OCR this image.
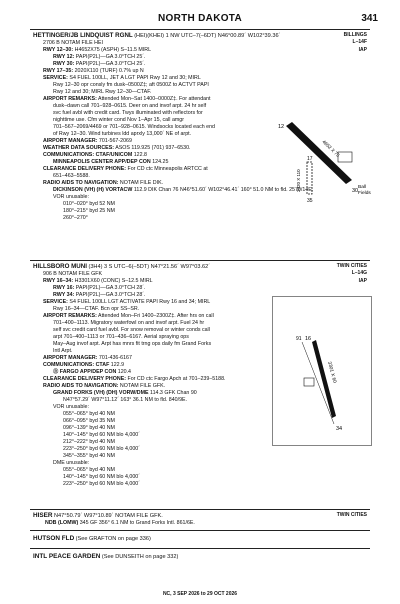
NORTH DAKOTA	341
HETTINGER/JB LINDQUIST RGNL (HEI)(KHEI) 1 NW UTC–7(–6DT) N46°00.89´ W102°39.36´	BILLINGS
L–14F
IAP
2706 B NOTAM FILE HEI
RWY 12–30: H4652X75 (ASPH) S–11.5 MIRL
RWY 12: PAPI(P2L)—GA 3.0°TCH 25´.
RWY 30: PAPI(P2L)—GA 3.0°TCH 25´.
RWY 17–35: 2020X110 (TURF) 0.7% up N
SERVICE: S4 FUEL 100LL, JET A LGT PAPI Rwy 12 and 30; MIRL
Rwy 12–30 opr consly fm dusk–0500Z‡; aft 0500Z to ACTVT PAPI
Rwy 12 and 30; MIRL Rwy 12–30—CTAF.
AIRPORT REMARKS: Attended Mon–Sat 1400–0000Z‡. For attendant
dusk–dawn call 701–928–0615. Deer on and invof arpt. 24 hr self
svc fuel avbl with credit card. Twys illuminated with reflectors for
nighttime use. Cfm winter cond Nov 1–Apr 15, call amgr
701–567–2069/4469 or 701–928–0615. Windsocks located each end
of Rwy 12–30. Wind turbines ldd aprxly 13,000´ NE of arpt.
AIRPORT MANAGER: 701-567-2069
WEATHER DATA SOURCES: ASOS 119.925 (701) 937–6530.
COMMUNICATIONS: CTAF/UNICOM 122.8
MINNEAPOLIS CENTER APP/DEP CON 124.25
CLEARANCE DELIVERY PHONE: For CD ctc Minneapolis ARTCC at
651–463–5588.
RADIO AIDS TO NAVIGATION: NOTAM FILE DIK.
DICKINSON (VH) (H) VORTACW 112.9 DIK Chan 76 N46°51.60´ W102°46.41´ 160° 51.0 NM to fld. 2570/14E.
VOR unusable:
010°–020° byd 52 NM
180°–215° byd 25 NM
260°–270°
12
30
4652 X 75
17
35
2020 X 110	Ball
Fields
HILLSBORO MUNI (3H4) 3 S UTC–6(–5DT) N47°21.56´ W97°03.62´	TWIN CITIES
L–14G
IAP
906 B NOTAM FILE GFK
RWY 16–34: H3301X60 (CONC) S–12.5 MIRL
RWY 16: PAPI(P2L)—GA 3.0°TCH 28´.
RWY 34: PAPI(P2L)—GA 3.0°TCH 28´.
SERVICE: S4 FUEL 100LL LGT ACTIVATE PAPI Rwy 16 and 34; MIRL
Rwy 16–34—CTAF. Bcn opr SS–SR.
AIRPORT REMARKS: Attended Mon–Fri 1400–2300Z‡. After hrs on call
701–400–1113. Migratory waterfowl on and invof arpt. Fuel 24 hr
self svc credit card fuel avbl. For snow removal or winter conds call
arpt 701–400–1113 or 701–436–6167. Aerial spraying ops
May–Aug invof arpt. Arpt has mnrs fit trng ops daily fm Grand Forks
Intl Arpt.
AIRPORT MANAGER: 701-436-6167
COMMUNICATIONS: CTAF 122.9
Ⓡ FARGO APP/DEP CON 120.4
CLEARANCE DELIVERY PHONE: For CD ctc Fargo Apch at 701–239–5188.
RADIO AIDS TO NAVIGATION: NOTAM FILE GFK.
GRAND FORKS (VH) (DH) VORW/DME 114.3 GFK Chan 90
N47°57.29´ W97°11.12´ 163° 36.1 NM to fld. 840/9E.
VOR unusable:
055°–065° byd 40 NM
066°–095° byd 35 NM
096°–139° byd 40 NM
140°–145° byd 60 NM blo 4,000´
212°–222° byd 40 NM
223°–250° byd 60 NM blo 4,000´
345°–355° byd 40 NM
DME unusable:
055°–065° byd 40 NM
140°–145° byd 60 NM blo 4,000´
223°–250° byd 60 NM blo 4,000´
16
34
3301 X 60
91
HISER N47°50.79´ W97°10.89´ NOTAM FILE GFK.
NDB (LOMW) 345 GF 356° 6.1 NM to Grand Forks Intl. 861/6E.
TWIN CITIES
HUTSON FLD (See GRAFTON on page 336)
INTL PEACE GARDEN (See DUNSEITH on page 332)
NC, 3 SEP 2026 to 29 OCT 2026
